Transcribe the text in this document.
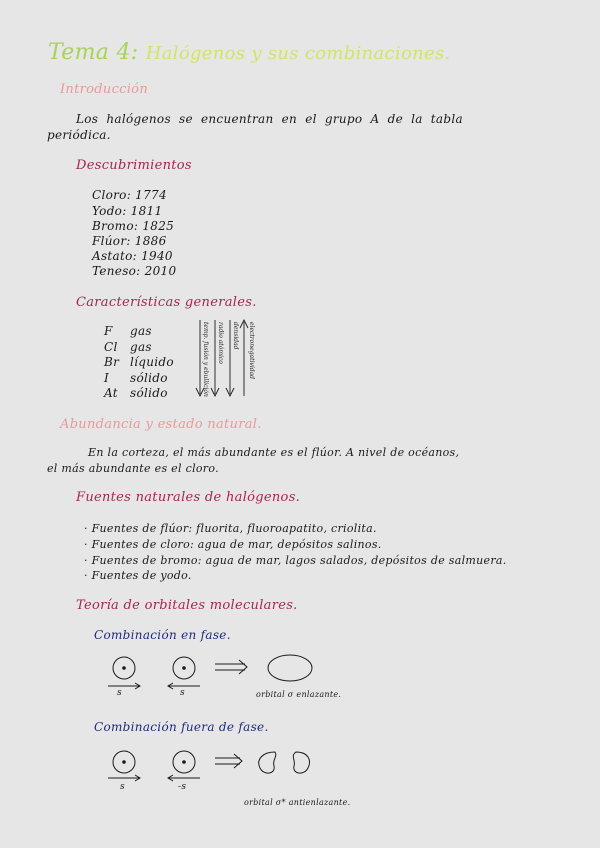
Tema 4: Halógenos y sus combinaciones.
Introducción
Los halógenos se encuentran en el grupo A de la tabla
periódica.
Descubrimientos
Cloro: 1774
Yodo: 1811
Bromo: 1825
Flúor: 1886
Astato: 1940
Teneso: 2010
Características generales.
F gas
Cl gas
Br líquido
I sólido
At sólido	temp. fusión y ebullición radio atómico densidad electronegatividad
Abundancia y estado natural.
En la corteza, el más abundante es el flúor. A nivel de océanos,
el más abundante es el cloro.
Fuentes naturales de halógenos.
· Fuentes de flúor: fluorita, fluoroapatito, criolita.
· Fuentes de cloro: agua de mar, depósitos salinos.
· Fuentes de bromo: agua de mar, lagos salados, depósitos de salmuera.
· Fuentes de yodo.
Teoría de orbitales moleculares.
Combinación en fase.
s	s	orbital σ enlazante.
Combinación fuera de fase.
s	-s
orbital σ* antienlazante.
